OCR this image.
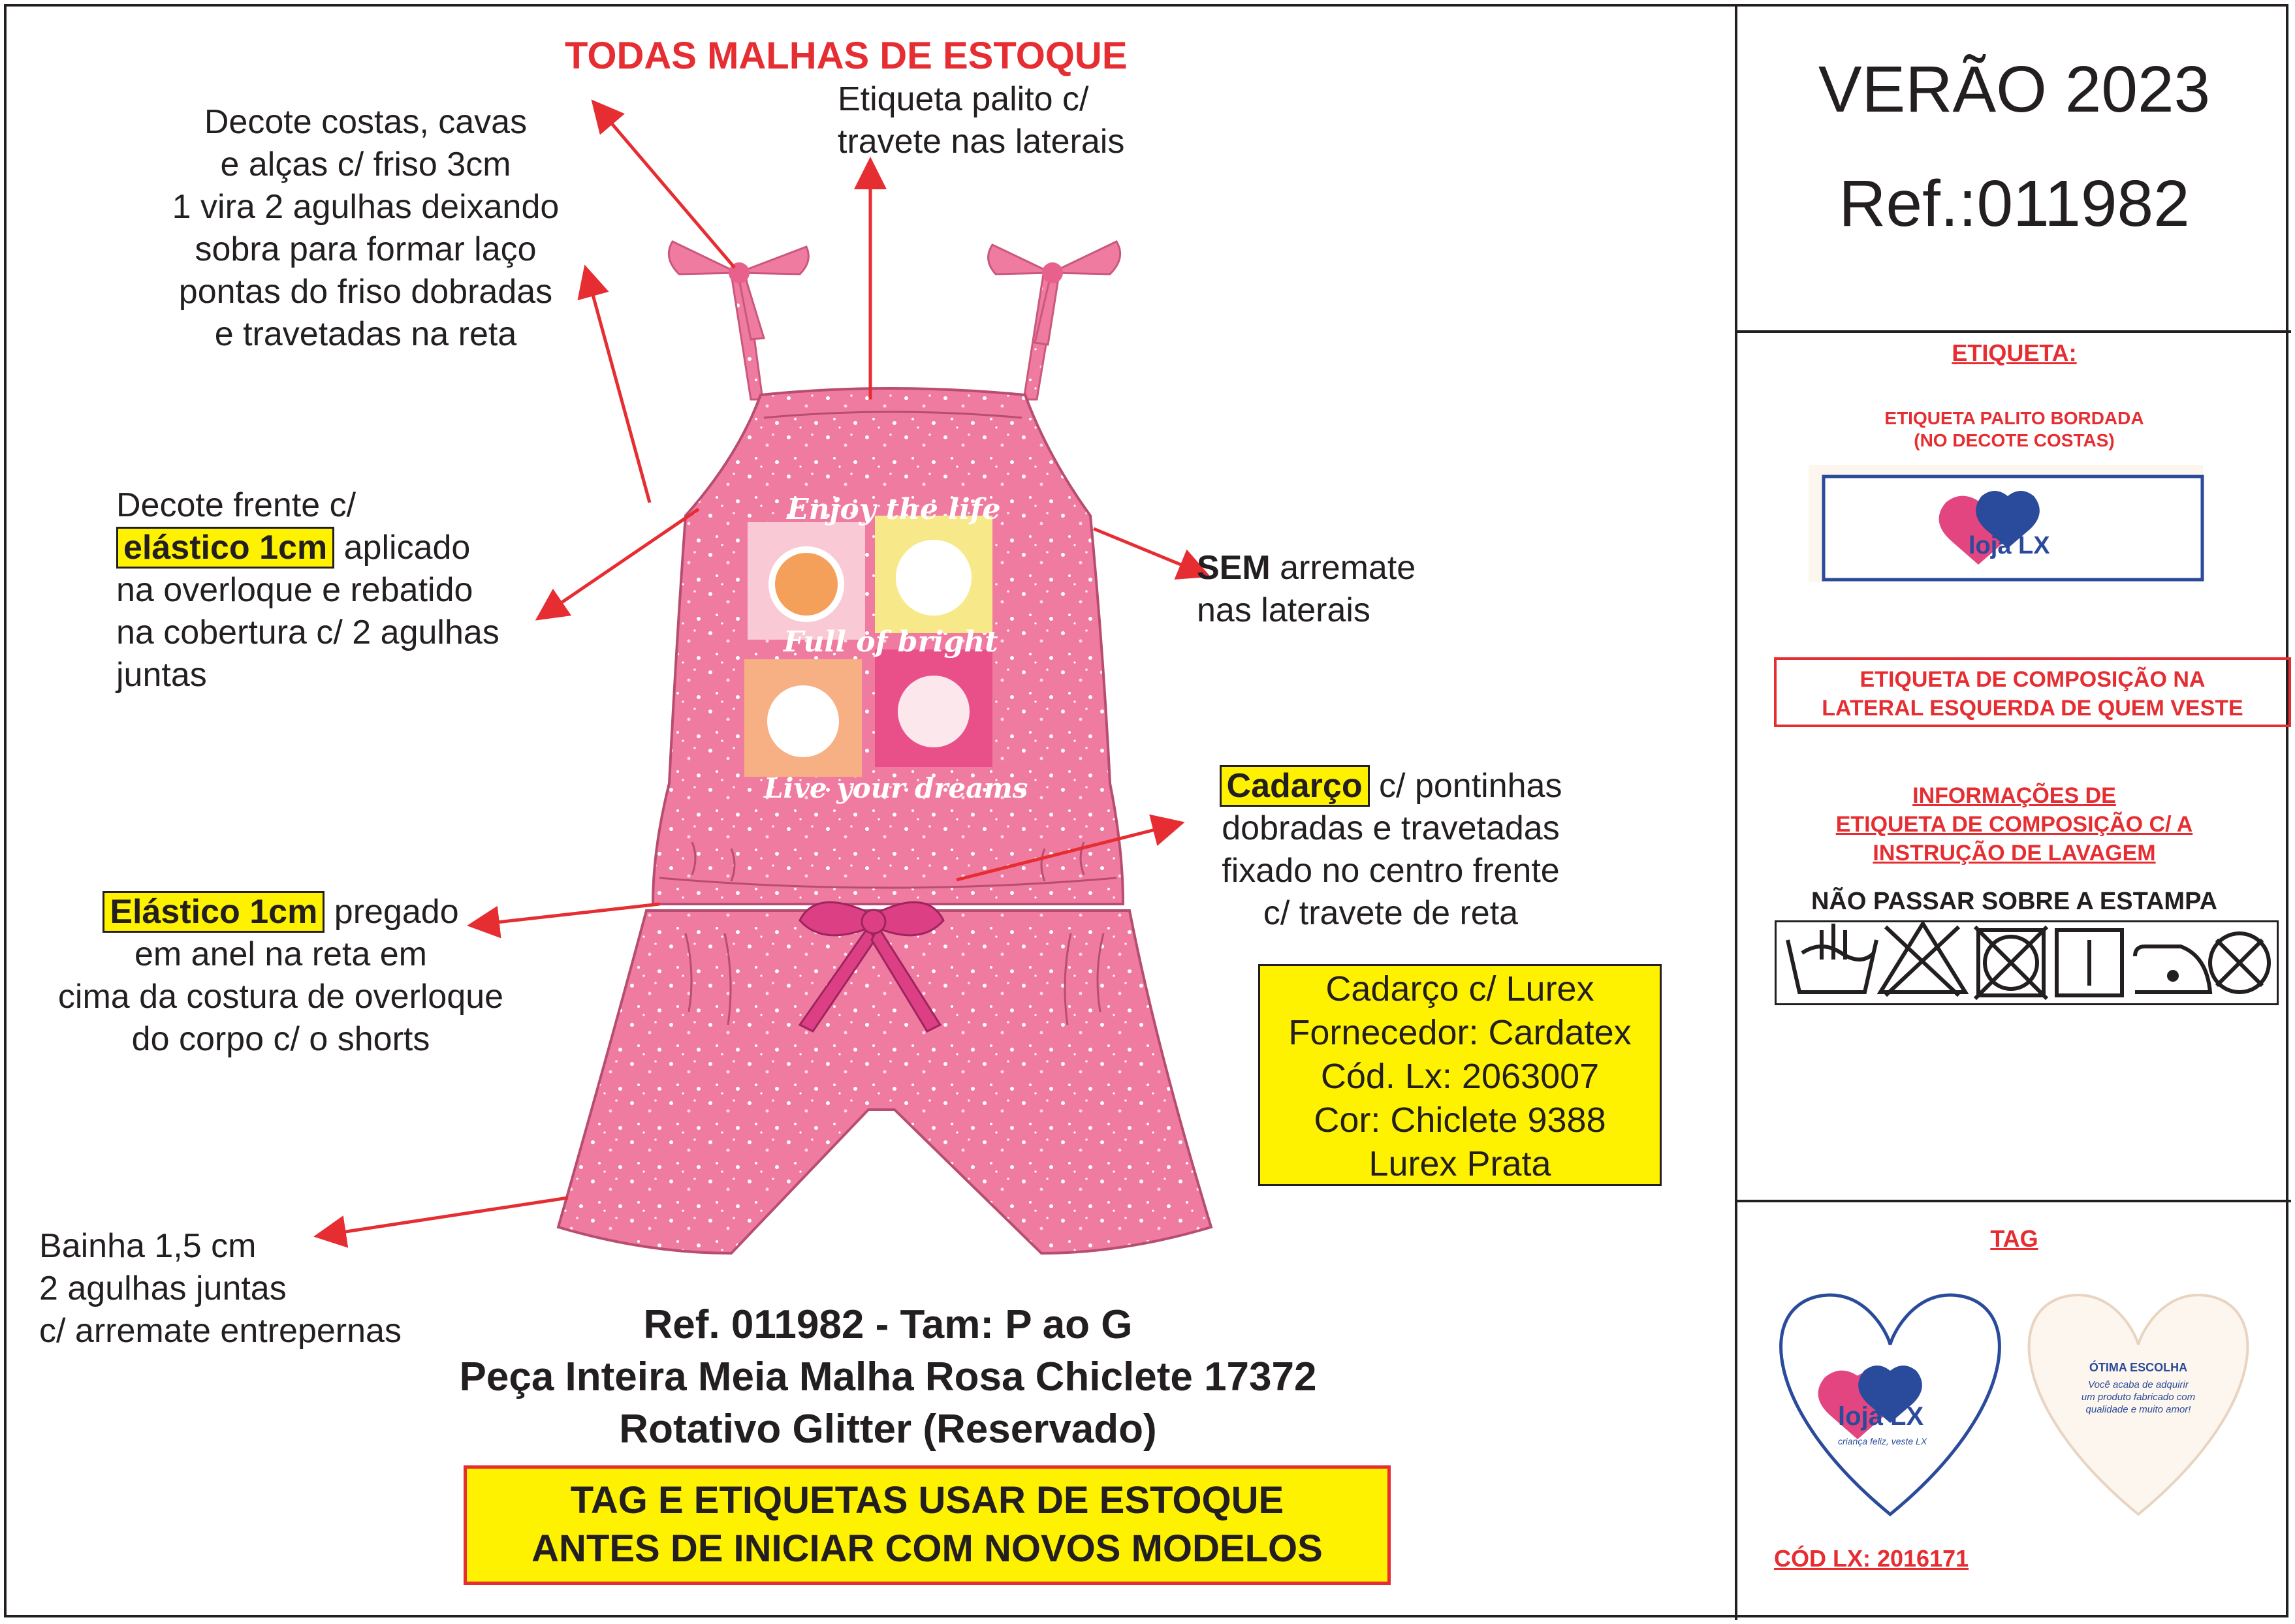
TODAS MALHAS DE ESTOQUE
Decote costas, cavas
e alças c/ friso 3cm
1 vira 2 agulhas deixando
sobra para formar laço
pontas do friso dobradas
e travetadas na reta
Etiqueta palito c/
travete nas laterais
Decote frente c/
elástico 1cm aplicado
na overloque e rebatido
na cobertura c/ 2 agulhas
juntas
SEM arremate
nas laterais
Cadarço c/ pontinhas
dobradas e travetadas
fixado no centro frente
c/ travete de reta
Elástico 1cm pregado
em anel na reta em
cima da costura de overloque
do corpo c/ o shorts
Bainha 1,5 cm
2 agulhas juntas
c/ arremate entrepernas
Cadarço c/ Lurex
Fornecedor: Cardatex
Cód. Lx: 2063007
Cor: Chiclete 9388
Lurex Prata
Enjoy the life
Full of bright
Live your dreams
Ref. 011982 - Tam: P ao G
Peça Inteira Meia Malha Rosa Chiclete 17372
Rotativo Glitter (Reservado)
TAG E ETIQUETAS USAR DE ESTOQUE
ANTES DE INICIAR COM NOVOS MODELOS
VERÃO 2023
Ref.:011982
ETIQUETA:
ETIQUETA PALITO BORDADA
(NO DECOTE COSTAS)
loja LX
ETIQUETA DE COMPOSIÇÃO NA
LATERAL ESQUERDA DE QUEM VESTE
INFORMAÇÕES DE
ETIQUETA DE COMPOSIÇÃO C/ A
INSTRUÇÃO DE LAVAGEM
NÃO PASSAR SOBRE A ESTAMPA
TAG
loja LX
criança feliz, veste LX
ÓTIMA ESCOLHA
Você acaba de adquirir
um produto fabricado com
qualidade e muito amor!
CÓD LX: 2016171
